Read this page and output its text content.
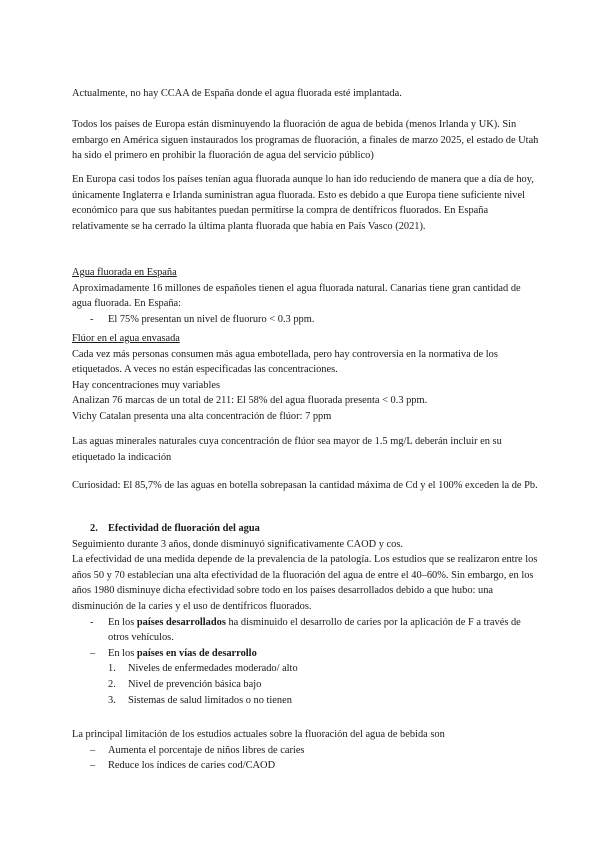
Actualmente, no hay CCAA de España donde el agua fluorada esté implantada.

Todos los países de Europa están disminuyendo la fluoración de agua de bebida (menos Irlanda y UK). Sin embargo en América siguen instaurados los programas de fluoración, a finales de marzo 2025, el estado de Utah ha sido el primero en prohibir la fluoración de agua del servicio público)

En Europa casi todos los países tenían agua fluorada aunque lo han ido reduciendo de manera que a día de hoy, únicamente Inglaterra e Irlanda suministran agua fluorada. Esto es debido a que Europa tiene suficiente nivel económico para que sus habitantes puedan permitirse la compra de dentífricos fluorados. En España relativamente se ha cerrado la última planta fluorada que había en País Vasco (2021).

Agua fluorada en España

Aproximadamente 16 millones de españoles tienen el agua fluorada natural. Canarias tiene gran cantidad de agua fluorada. En España:

-	El 75% presentan un nivel de fluoruro < 0.3 ppm.

Flúor en el agua envasada

Cada vez más personas consumen más agua embotellada, pero hay controversia en la normativa de los etiquetados. A veces no están especificadas las concentraciones.

Hay concentraciones muy variables

Analizan 76 marcas de un total de 211: El 58% del agua fluorada presenta < 0.3 ppm.

Vichy Catalan presenta una alta concentración de flúor: 7 ppm

Las aguas minerales naturales cuya concentración de flúor sea mayor de 1.5 mg/L deberán incluir en su etiquetado la indicación

Curiosidad: El 85,7% de las aguas en botella sobrepasan la cantidad máxima de Cd y el 100% exceden la de Pb.

2. Efectividad de fluoración del agua

Seguimiento durante 3 años, donde disminuyó significativamente CAOD y cos.

La efectividad de una medida depende de la prevalencia de la patología. Los estudios que se realizaron entre los años 50 y 70 establecían una alta efectividad de la fluoración del agua de entre el 40–60%. Sin embargo, en los años 1980 disminuye dicha efectividad sobre todo en los países desarrollados debido a que hubo: una disminución de la caries y el uso de dentífricos fluorados.

-	En los países desarrollados ha disminuido el desarrollo de caries por la aplicación de F a través de otros vehículos.
–	En los países en vías de desarrollo
1.	Niveles de enfermedades moderado/ alto
2.	Nivel de prevención básica bajo
3.	Sistemas de salud limitados o no tienen

La principal limitación de los estudios actuales sobre la fluoración del agua de bebida son

–	Aumenta el porcentaje de niños libres de caries
–	Reduce los índices de caries cod/CAOD
